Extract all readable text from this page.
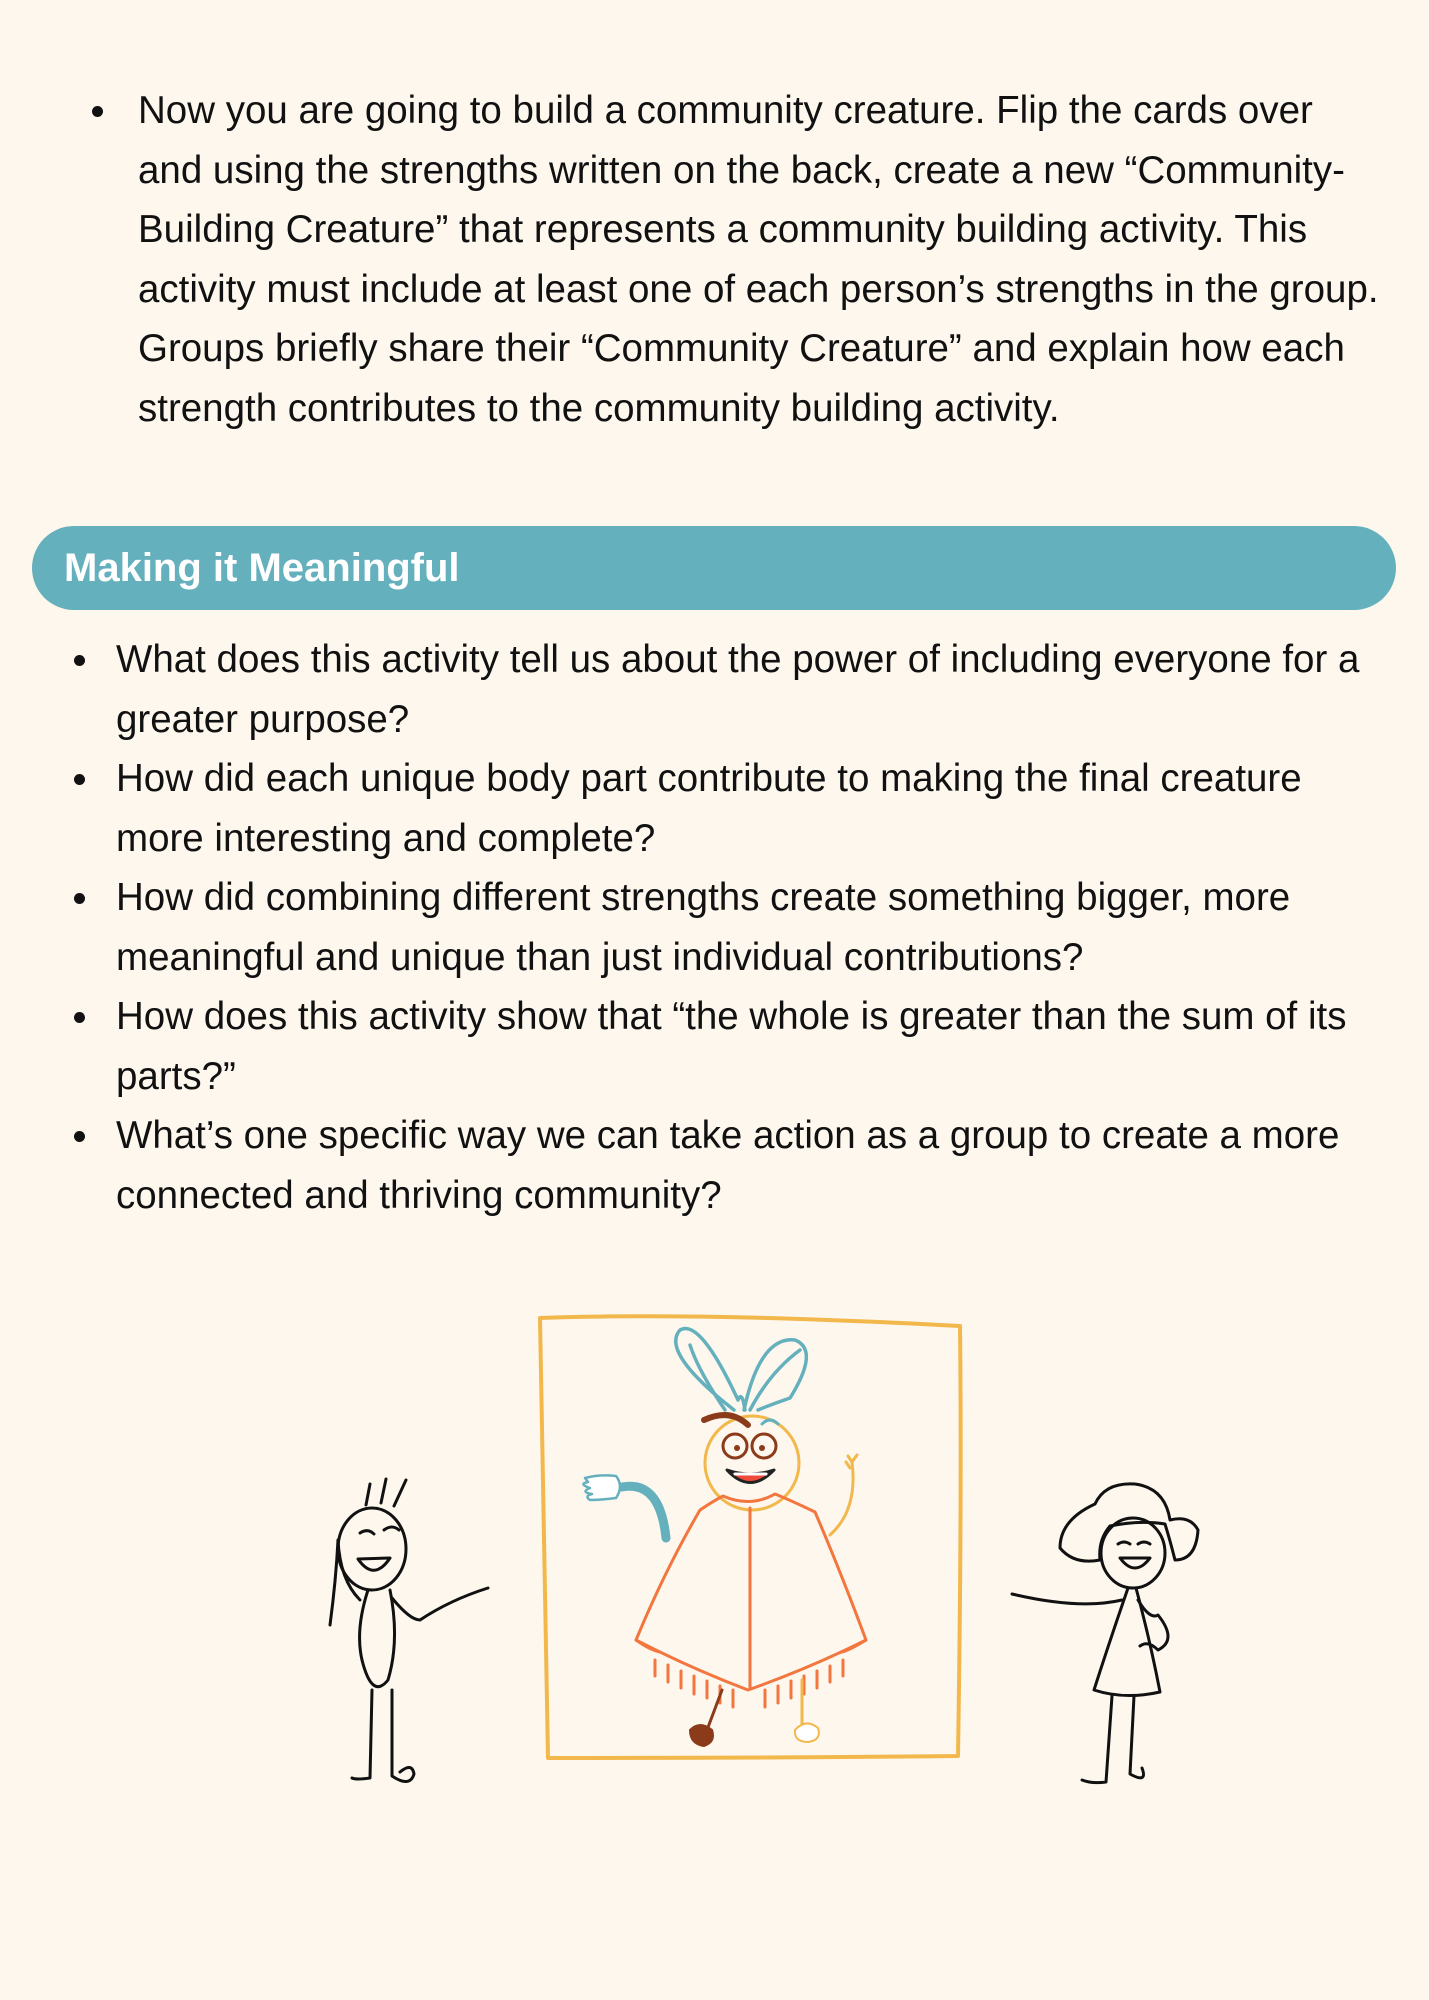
Now you are going to build a community creature. Flip the cards over and using the strengths written on the back, create a new “Community-Building Creature” that represents a community building activity. This activity must include at least one of each person’s strengths in the group. Groups briefly share their “Community Creature” and explain how each strength contributes to the community building activity.
Making it Meaningful
What does this activity tell us about the power of including everyone for a greater purpose?
How did each unique body part contribute to making the final creature more interesting and complete?
How did combining different strengths create something bigger, more meaningful and unique than just individual contributions?
How does this activity show that “the whole is greater than the sum of its parts?”
What’s one specific way we can take action as a group to create a more connected and thriving community?
